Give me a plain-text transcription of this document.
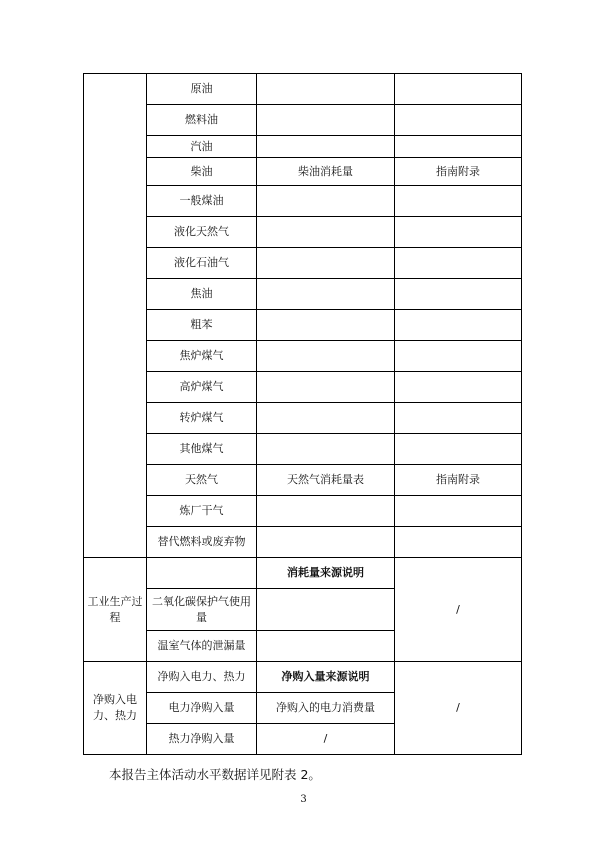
	原油		
	燃料油		
	汽油		
	柴油	柴油消耗量	指南附录
	一般煤油		
	液化天然气		
	液化石油气		
	焦油		
	粗苯		
	焦炉煤气		
	高炉煤气		
	转炉煤气		
	其他煤气		
	天然气	天然气消耗量表	指南附录
	炼厂干气		
	替代燃料或废弃物		
工业生产过程		消耗量来源说明	/
	二氧化碳保护气使用量		
	温室气体的泄漏量		
净购入电力、热力	净购入电力、热力	净购入量来源说明	/
	电力净购入量	净购入的电力消费量	
	热力净购入量	/	
本报告主体活动水平数据详见附表 2。
3
